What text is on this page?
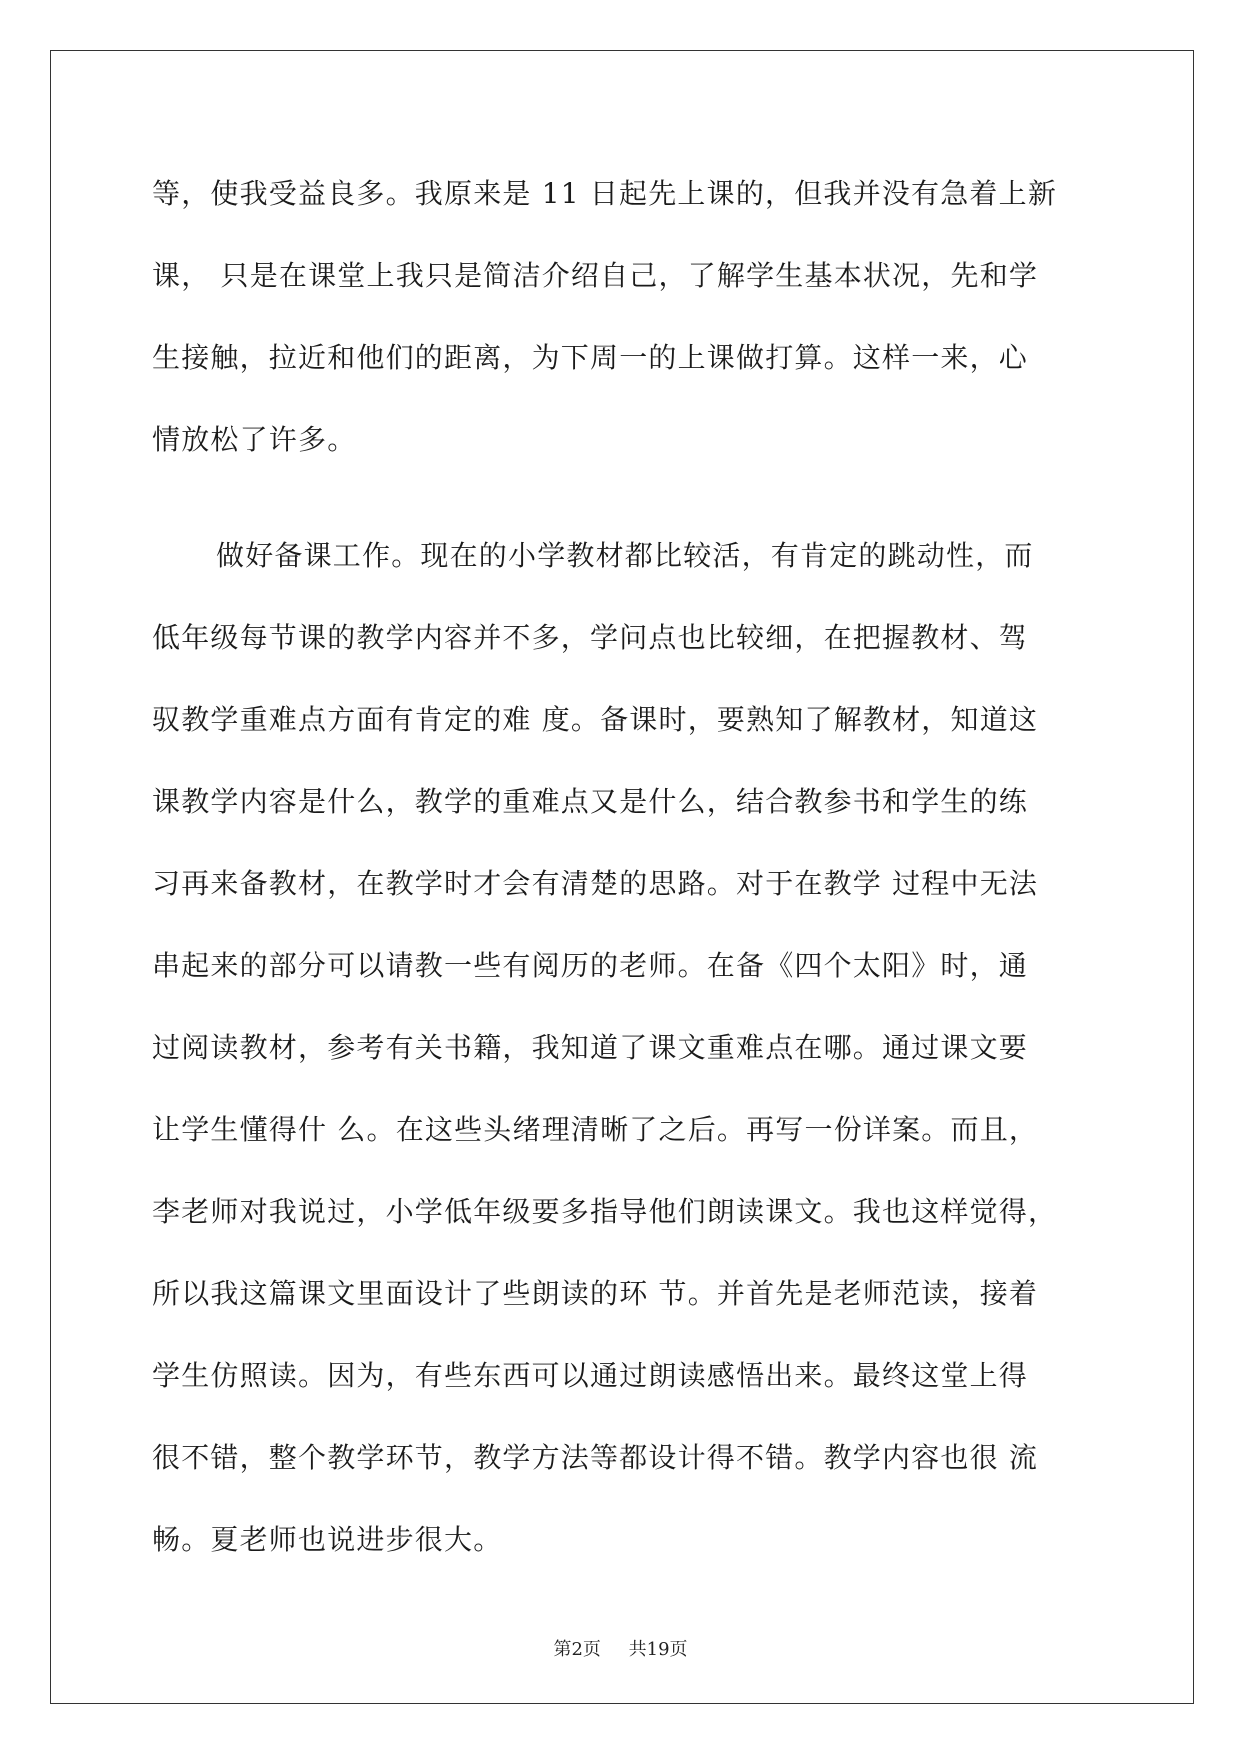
等，使我受益良多。我原来是 11 日起先上课的，但我并没有急着上新
课， 只是在课堂上我只是简洁介绍自己，了解学生基本状况，先和学
生接触，拉近和他们的距离，为下周一的上课做打算。这样一来，心
情放松了许多。
做好备课工作。现在的小学教材都比较活，有肯定的跳动性，而
低年级每节课的教学内容并不多，学问点也比较细，在把握教材、驾
驭教学重难点方面有肯定的难 度。备课时，要熟知了解教材，知道这
课教学内容是什么，教学的重难点又是什么，结合教参书和学生的练
习再来备教材，在教学时才会有清楚的思路。对于在教学 过程中无法
串起来的部分可以请教一些有阅历的老师。在备《四个太阳》时，通
过阅读教材，参考有关书籍，我知道了课文重难点在哪。通过课文要
让学生懂得什 么。在这些头绪理清晰了之后。再写一份详案。而且，
李老师对我说过，小学低年级要多指导他们朗读课文。我也这样觉得，
所以我这篇课文里面设计了些朗读的环 节。并首先是老师范读，接着
学生仿照读。因为，有些东西可以通过朗读感悟出来。最终这堂上得
很不错，整个教学环节，教学方法等都设计得不错。教学内容也很 流
畅。夏老师也说进步很大。
第2页 共19页
